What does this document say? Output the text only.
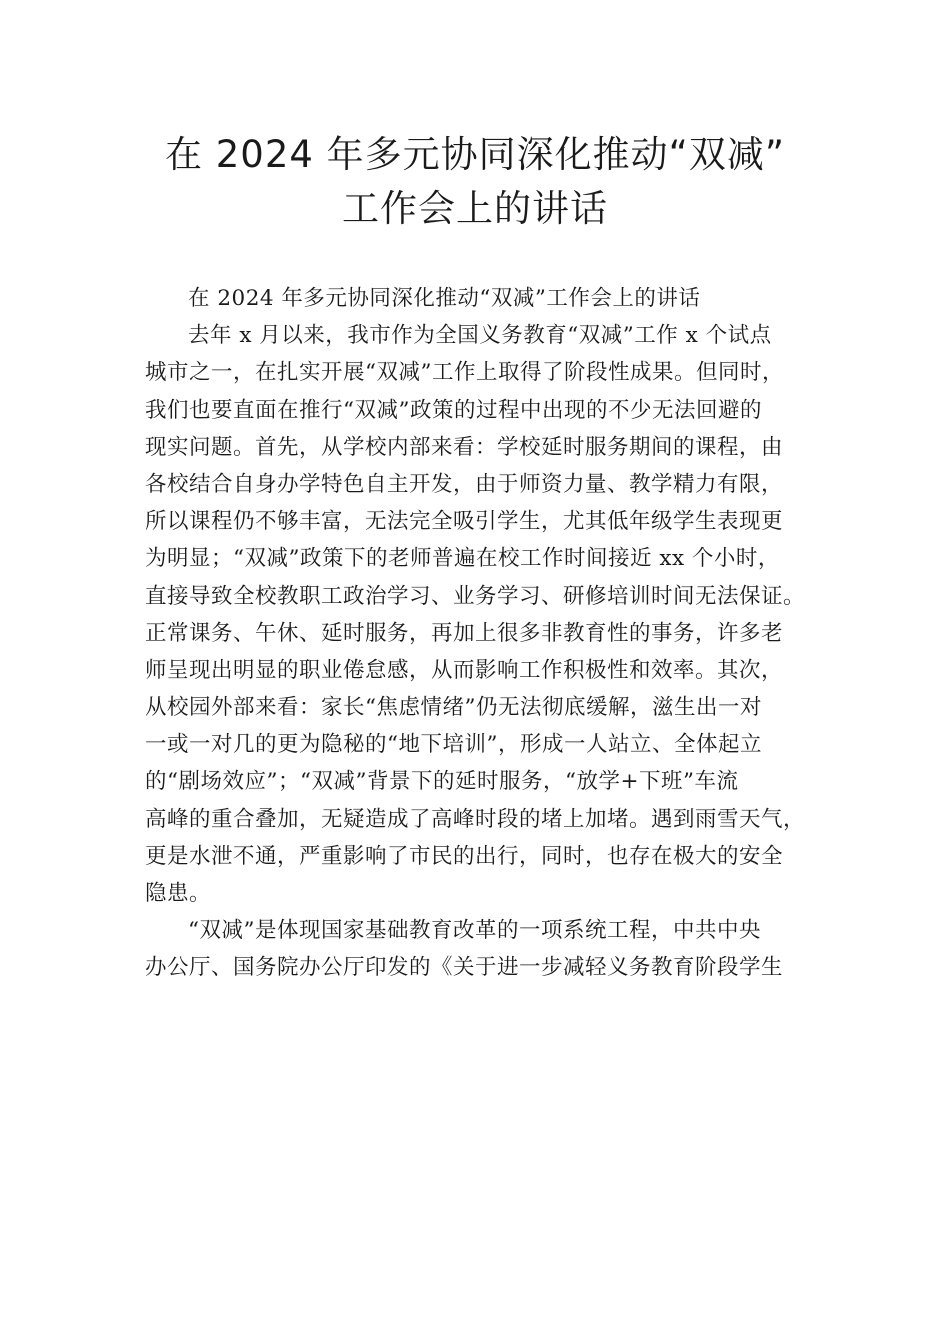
在 2024 年多元协同深化推动“双减”
工作会上的讲话
在 2024 年多元协同深化推动“双减”工作会上的讲话
去年 x 月以来，我市作为全国义务教育“双减”工作 x 个试点
城市之一，在扎实开展“双减”工作上取得了阶段性成果。但同时，
我们也要直面在推行“双减”政策的过程中出现的不少无法回避的
现实问题。首先，从学校内部来看：学校延时服务期间的课程，由
各校结合自身办学特色自主开发，由于师资力量、教学精力有限，
所以课程仍不够丰富，无法完全吸引学生，尤其低年级学生表现更
为明显；“双减”政策下的老师普遍在校工作时间接近 xx 个小时，
直接导致全校教职工政治学习、业务学习、研修培训时间无法保证。
正常课务、午休、延时服务，再加上很多非教育性的事务，许多老
师呈现出明显的职业倦怠感，从而影响工作积极性和效率。其次，
从校园外部来看：家长“焦虑情绪”仍无法彻底缓解，滋生出一对
一或一对几的更为隐秘的“地下培训”，形成一人站立、全体起立
的“剧场效应”；“双减”背景下的延时服务，“放学+下班”车流
高峰的重合叠加，无疑造成了高峰时段的堵上加堵。遇到雨雪天气，
更是水泄不通，严重影响了市民的出行，同时，也存在极大的安全
隐患。
“双减”是体现国家基础教育改革的一项系统工程，中共中央
办公厅、国务院办公厅印发的《关于进一步减轻义务教育阶段学生
